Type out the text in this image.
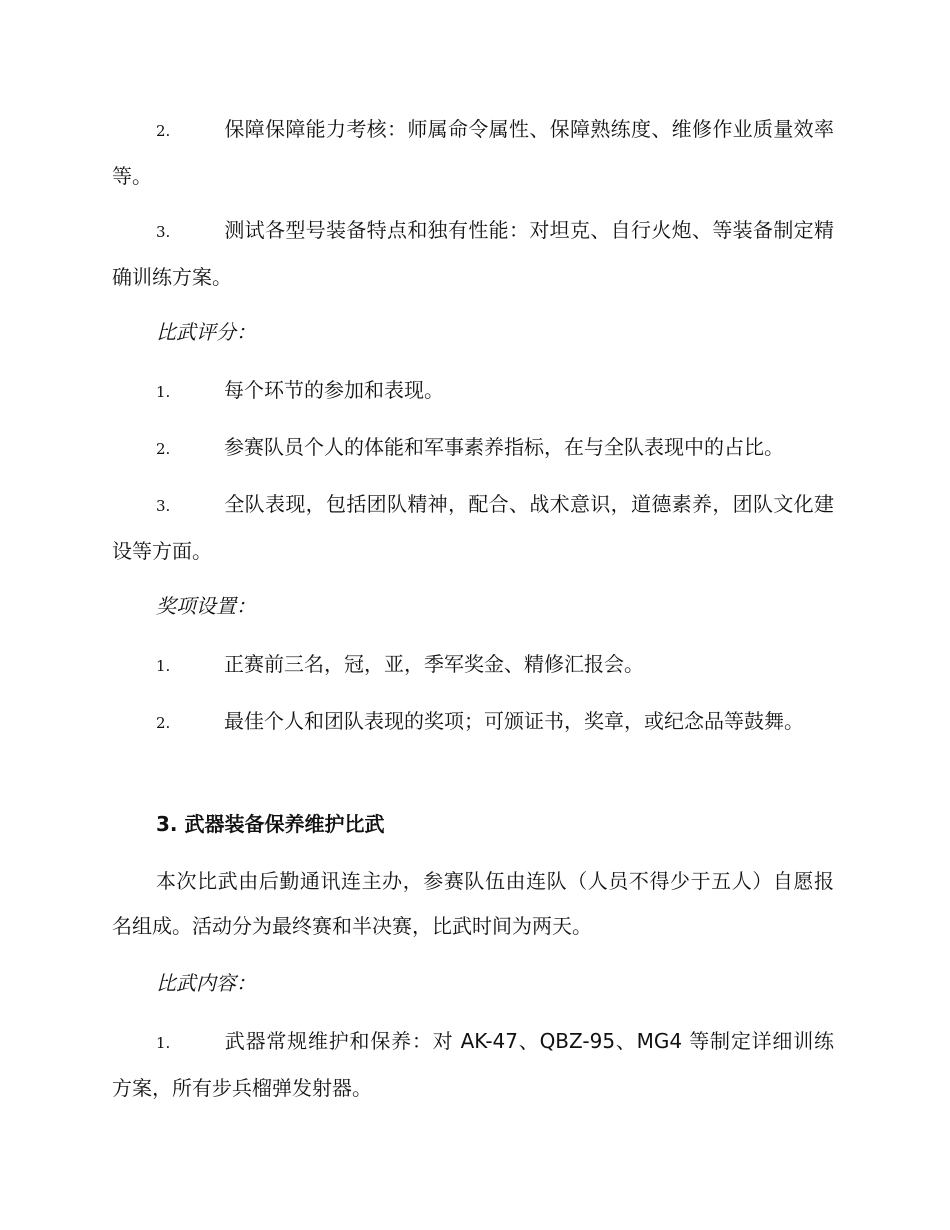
2.	保障保障能力考核：师属命令属性、保障熟练度、维修作业质量效率等。

3.	测试各型号装备特点和独有性能：对坦克、自行火炮、等装备制定精确训练方案。

比武评分：

1.	每个环节的参加和表现。

2.	参赛队员个人的体能和军事素养指标，在与全队表现中的占比。

3.	全队表现，包括团队精神，配合、战术意识，道德素养，团队文化建设等方面。

奖项设置：

1.	正赛前三名，冠，亚，季军奖金、精修汇报会。

2.	最佳个人和团队表现的奖项；可颁证书，奖章，或纪念品等鼓舞。

3. 武器装备保养维护比武

本次比武由后勤通讯连主办，参赛队伍由连队（人员不得少于五人）自愿报名组成。活动分为最终赛和半决赛，比武时间为两天。

比武内容：

1.	武器常规维护和保养：对 AK-47、QBZ-95、MG4 等制定详细训练方案，所有步兵榴弹发射器。
